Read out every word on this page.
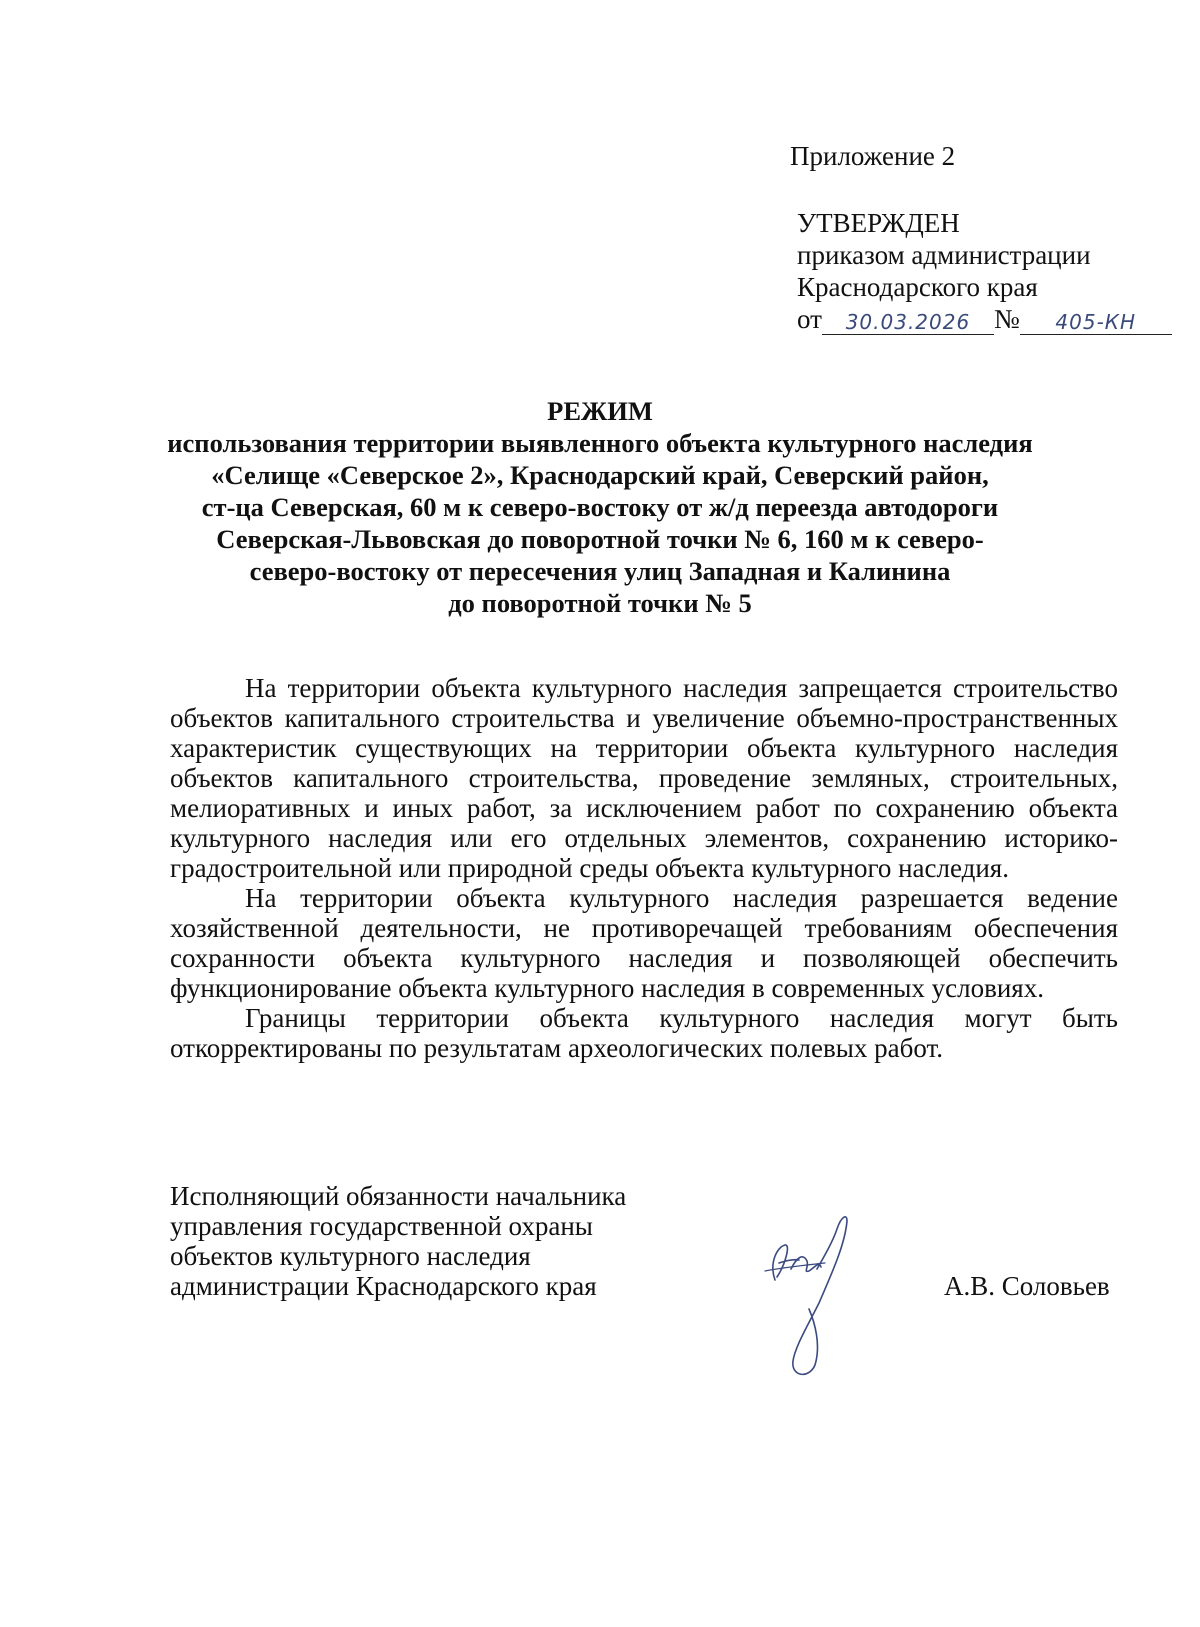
Приложение 2
УТВЕРЖДЕН
приказом администрации
Краснодарского края
от	30.03.2026 №	405-КН
РЕЖИМ
использования территории выявленного объекта культурного наследия
«Селище «Северское 2», Краснодарский край, Северский район,
ст-ца Северская, 60 м к северо-востоку от ж/д переезда автодороги
Северская-Львовская до поворотной точки № 6, 160 м к северо-
северо-востоку от пересечения улиц Западная и Калинина
до поворотной точки № 5

На территории объекта культурного наследия запрещается строительство объектов капитального строительства и увеличение объемно-пространственных характеристик существующих на территории объекта культурного наследия объектов капитального строительства, проведение земляных, строительных, мелиоративных и иных работ, за исключением работ по сохранению объекта культурного наследия или его отдельных элементов, сохранению историко-градостроительной или природной среды объекта культурного наследия.

На территории объекта культурного наследия разрешается ведение хозяйственной деятельности, не противоречащей требованиям обеспечения сохранности объекта культурного наследия и позволяющей обеспечить функционирование объекта культурного наследия в современных условиях.

Границы территории объекта культурного наследия могут быть откорректированы по результатам археологических полевых работ.

Исполняющий обязанности начальника
управления государственной охраны
объектов культурного наследия
администрации Краснодарского края	А.В. Соловьев
